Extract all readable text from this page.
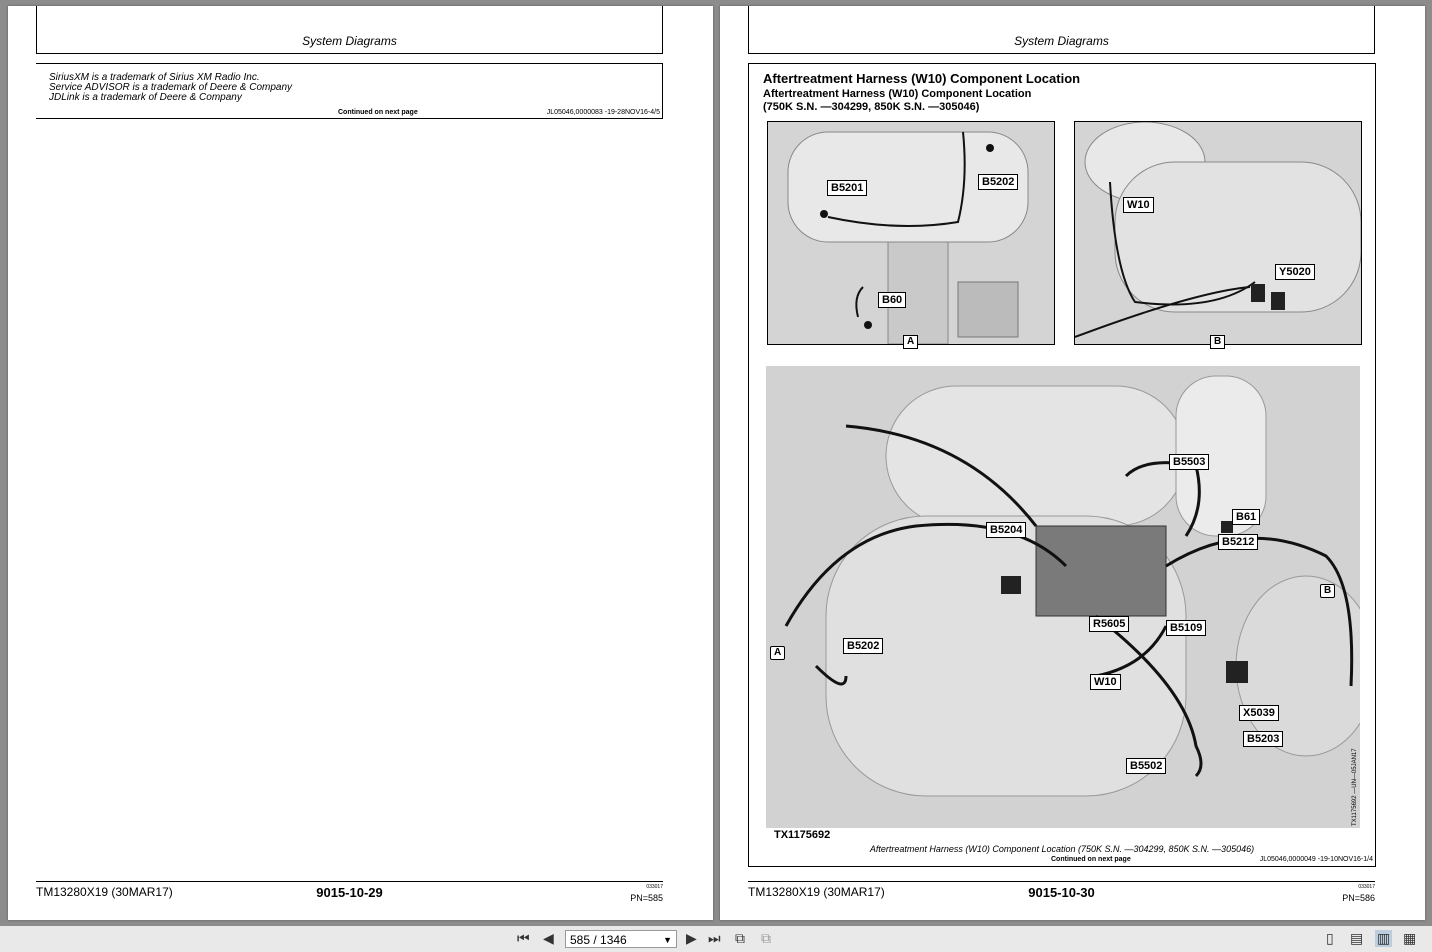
System Diagrams
SiriusXM is a trademark of Sirius XM Radio Inc.
Service ADVISOR is a trademark of Deere & Company
JDLink is a trademark of Deere & Company
Continued on next page	JL05046,0000083 -19-28NOV16-4/5
TM13280X19 (30MAR17)	9015-10-29	033017
PN=585
System Diagrams
Aftertreatment Harness (W10) Component Location
Aftertreatment Harness (W10) Component Location
(750K S.N. —304299, 850K S.N. —305046)
B5201	B5202
B60
A
W10
Y5020
B
B5503
B61
B5204
B5212
R5605	B5109
B5202
W10
X5039
B5203
B5502
A
B
TX1175692
Aftertreatment Harness (W10) Component Location (750K S.N. —304299, 850K S.N. —305046)
Continued on next page	JL05046,0000049 -19-10NOV16-1/4
TM13280X19 (30MAR17)	9015-10-30	033017
PN=586
⏮ ◀	585 / 1346	▼ ▶ ⏭ ⧉ ⧉	▯ ▤ ▥ ▦
